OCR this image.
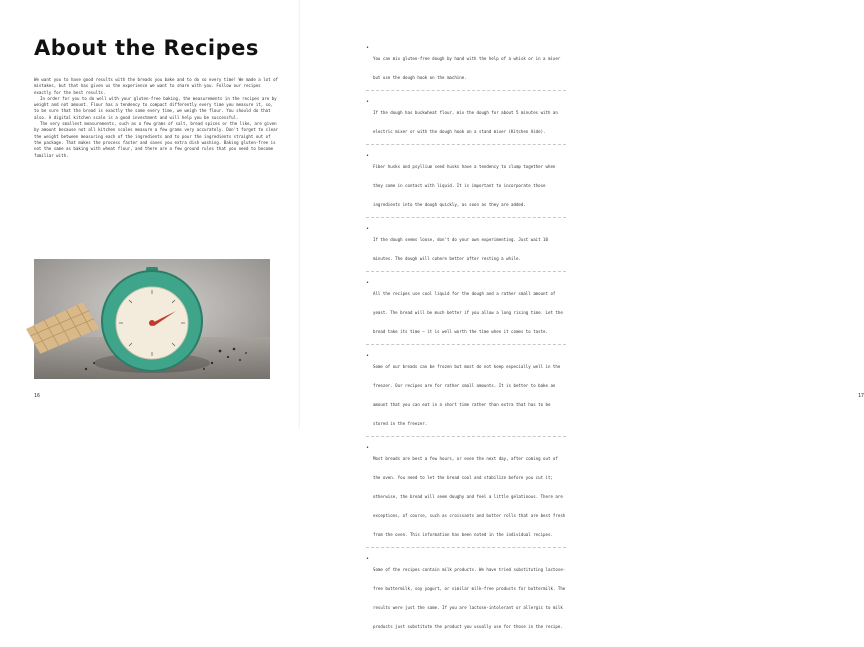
About the Recipes

We want you to have good results with the breads you bake and to do so every time! We made a lot of mistakes, but that has given us the experience we want to share with you. Follow our recipes exactly for the best results.

In order for you to do well with your gluten-free baking, the measurements in the recipes are by weight and not amount. Flour has a tendency to compact differently every time you measure it, so, to be sure that the bread is exactly the same every time, we weigh the flour. You should do that also. A digital kitchen scale is a good investment and will help you be successful.

The very smallest measurements, such as a few grams of salt, bread spices or the like, are given by amount because not all kitchen scales measure a few grams very accurately. Don't forget to clear the weight between measuring each of the ingredients and to pour the ingredients straight out of the package. That makes the process faster and saves you extra dish washing. Baking gluten-free is not the same as baking with wheat flour, and there are a few ground rules that you need to become familiar with.

16	17
•
You can mix gluten-free dough by hand with the help of a whisk or in a mixer but use the dough hook on the machine.
•
If the dough has buckwheat flour, mix the dough for about 5 minutes with an electric mixer or with the dough hook on a stand mixer (Kitchen Aide).
•
Fiber husks and psyllium seed husks have a tendency to clump together when they come in contact with liquid. It is important to incorporate those ingredients into the dough quickly, as soon as they are added.
•
If the dough seems loose, don't do your own experimenting. Just wait 10 minutes. The dough will cohere better after resting a while.
•
All the recipes use cool liquid for the dough and a rather small amount of yeast. The bread will be much better if you allow a long rising time. Let the bread take its time – it is well worth the time when it comes to taste.
•
Some of our breads can be frozen but most do not keep especially well in the freezer. Our recipes are for rather small amounts. It is better to bake an amount that you can eat in a short time rather than extra that has to be stored in the freezer.
•
Most breads are best a few hours, or even the next day, after coming out of the oven. You need to let the bread cool and stabilize before you cut it; otherwise, the bread will seem doughy and feel a little gelatinous. There are exceptions, of course, such as croissants and butter rolls that are best fresh from the oven. This information has been noted in the individual recipes.
•
Some of the recipes contain milk products. We have tried substituting lactose-free buttermilk, soy yogurt, or similar milk-free products for buttermilk. The results were just the same. If you are lactose-intolerant or allergic to milk products just substitute the product you usually use for those in the recipe.
